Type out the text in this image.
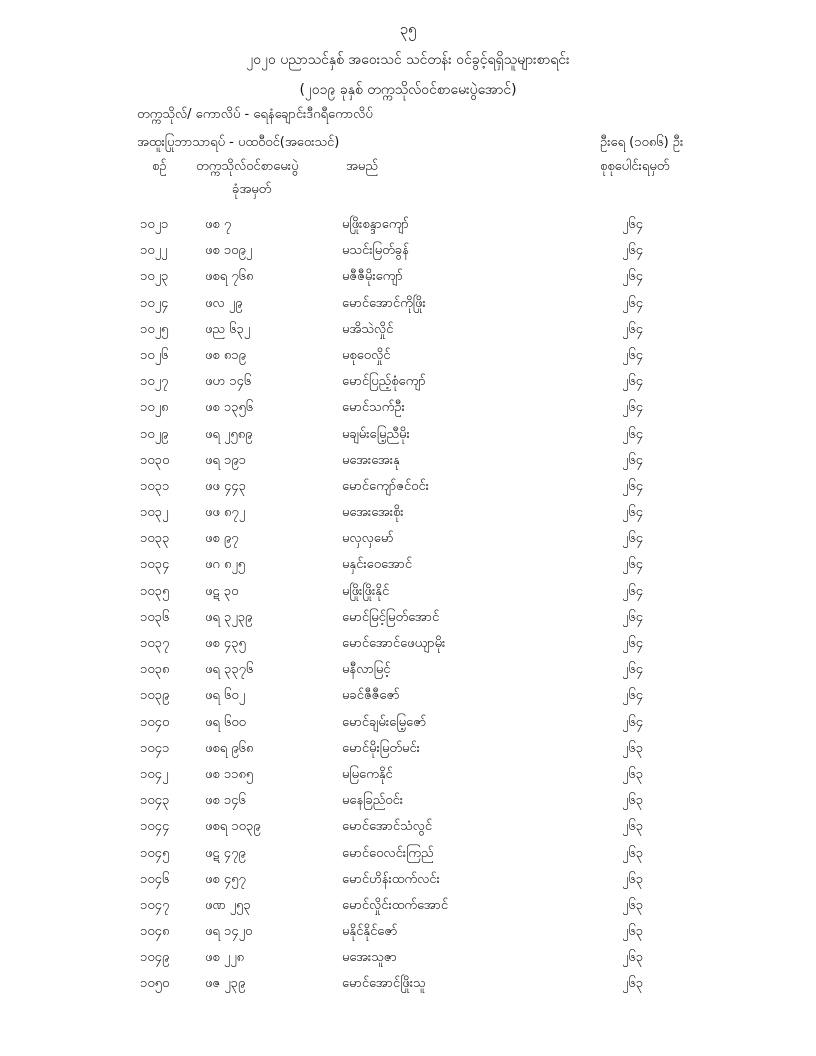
၃၅
၂၀၂၀ ပညာသင်နှစ် အဝေးသင် သင်တန်း ဝင်ခွင့်ရရှိသူများစာရင်း
(၂၀၁၉ ခုနှစ် တက္ကသိုလ်ဝင်စာမေးပွဲအောင်)
တက္ကသိုလ်/ ကောလိပ် - ရေနံချောင်းဒီဂရီကောလိပ်
အထူးပြုဘာသာရပ် - ပထဝီဝင်(အဝေးသင်)	ဦးရေ (၁၀၈၆) ဦး
စဉ် တက္ကသိုလ်ဝင်စာမေးပွဲ
ခုံအမှတ်
အမည်	စုစုပေါင်းရမှတ်
၁၀၂၁	ဖစ ၇	မဖြိုးစန္ဒာကျော်	၂၆၄
၁၀၂၂	ဖစ ၁၀၉၂	မသင်းမြတ်ခွန်	၂၆၄
၁၀၂၃	ဖစရ ၇၆၈	မဇီဇီမိုးကျော်	၂၆၄
၁၀၂၄	ဖလ ၂၉	မောင်အောင်ကိုဖြိုး	၂၆၄
၁၀၂၅	ဖည ၆၃၂	မအိသဲလှိုင်	၂၆၄
၁၀၂၆	ဖစ ၈၁၉	မစုဝေလှိုင်	၂၆၄
၁၀၂၇	ဖဟ ၁၄၆	မောင်ပြည့်စုံကျော်	၂၆၄
၁၀၂၈	ဖစ ၁၃၅၆	မောင်သက်ဦး	၂၆၄
၁၀၂၉	ဖရ ၂၅၈၉	မချမ်းမြေ့ညီမိုး	၂၆၄
၁၀၃၀	ဖရ ၁၉၁	မအေးအေးနု	၂၆၄
၁၀၃၁	ဖဖ ၄၄၃	မောင်ကျော်ဇင်ဝင်း	၂၆၄
၁၀၃၂	ဖဖ ၈၇၂	မအေးအေးစိုး	၂၆၄
၁၀၃၃	ဖစ ၉၇	မလှလှမော်	၂၆၄
၁၀၃၄	ဖဂ ၈၂၅	မနှင်းဝေအောင်	၂၆၄
၁၀၃၅	ဖဋ ၃၀	မဖြိုးဖြိုးနိုင်	၂၆၄
၁၀၃၆	ဖရ ၃၂၃၉	မောင်မြင့်မြတ်အောင်	၂၆၄
၁၀၃၇	ဖစ ၄၃၅	မောင်အောင်ဖေယျာမိုး	၂၆၄
၁၀၃၈	ဖရ ၃၃၇၆	မနီလာမြင့်	၂၆၄
၁၀၃၉	ဖရ ၆၀၂	မခင်ဇီဇီဇော်	၂၆၄
၁၀၄၀	ဖရ ၆၀၀	မောင်ချမ်းမြေ့ဇော်	၂၆၄
၁၀၄၁	ဖစရ ၉၆၈	မောင်မိုးမြတ်မင်း	၂၆၃
၁၀၄၂	ဖစ ၁၁၈၅	မမြကေနိုင်	၂၆၃
၁၀၄၃	ဖစ ၁၄၆	မနေခြည်ဝင်း	၂၆၃
၁၀၄၄	ဖစရ ၁၀၃၉	မောင်အောင်သံလွင်	၂၆၃
၁၀၄၅	ဖဋ ၄၇၉	မောင်ဝေလင်းကြည်	၂၆၃
၁၀၄၆	ဖစ ၄၅၇	မောင်ဟိန်းထက်လင်း	၂၆၃
၁၀၄၇	ဖဏ ၂၅၃	မောင်လှိုင်းထက်အောင်	၂၆၃
၁၀၄၈	ဖရ ၁၄၂၀	မနိုင်နိုင်ဇော်	၂၆၃
၁၀၄၉	ဖစ ၂၂၈	မအေးသူဇာ	၂၆၃
၁၀၅၀	ဖဇ ၂၃၉	မောင်အောင်ဖြိုးသူ	၂၆၃
